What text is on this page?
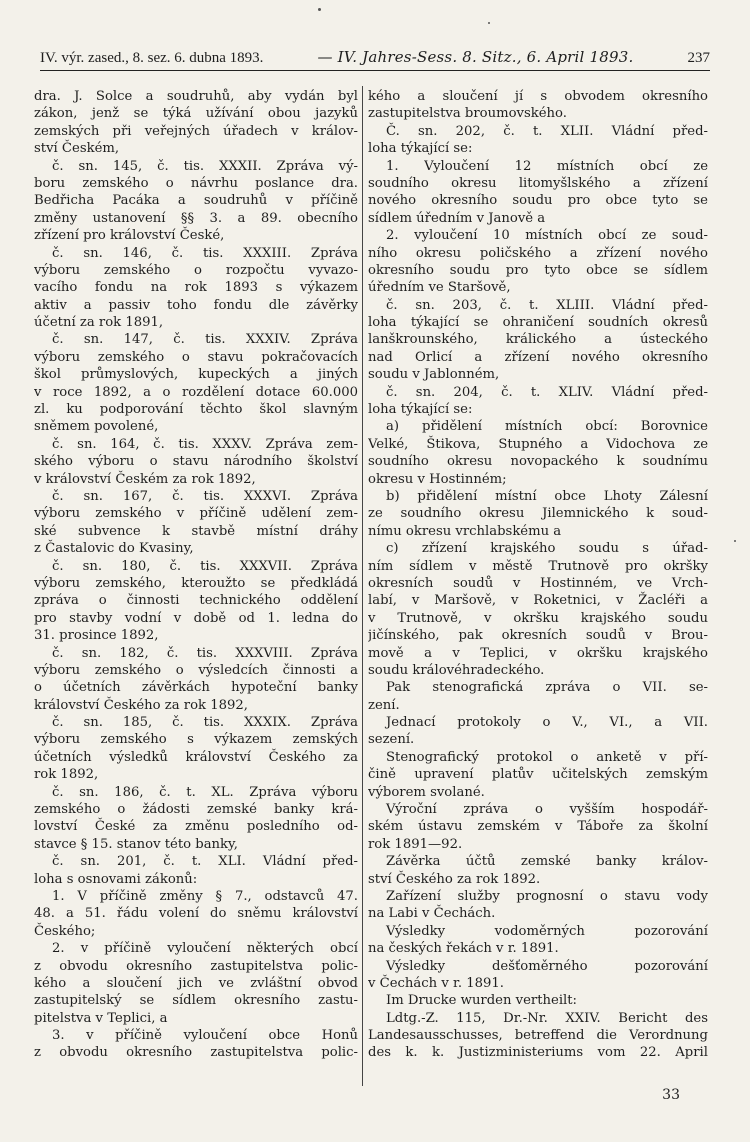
IV. výr. zased., 8. sez. 6. dubna 1893.	— IV. Jahres-Sess. 8. Sitz., 6. April 1893.	237
dra. J. Solce a soudruhů, aby vydán byl
zákon, jenž se týká užívání obou jazyků
zemských při veřejných úřadech v králov-
ství Českém,
č. sn. 145, č. tis. XXXII. Zpráva vý-
boru zemského o návrhu poslance dra.
Bedřicha Pacáka a soudruhů v příčině
změny ustanovení §§ 3. a 89. obecního
zřízení pro království České,
č. sn. 146, č. tis. XXXIII. Zpráva
výboru zemského o rozpočtu vyvazo-
vacího fondu na rok 1893 s výkazem
aktiv a passiv toho fondu dle závěrky
účetní za rok 1891,
č. sn. 147, č. tis. XXXIV. Zpráva
výboru zemského o stavu pokračovacích
škol průmyslových, kupeckých a jiných
v roce 1892, a o rozdělení dotace 60.000
zl. ku podporování těchto škol slavným
sněmem povolené,
č. sn. 164, č. tis. XXXV. Zpráva zem-
ského výboru o stavu národního školství
v království Českém za rok 1892,
č. sn. 167, č. tis. XXXVI. Zpráva
výboru zemského v příčině udělení zem-
ské subvence k stavbě místní dráhy
z Častalovic do Kvasiny,
č. sn. 180, č. tis. XXXVII. Zpráva
výboru zemského, kteroužto se předkládá
zpráva o činnosti technického oddělení
pro stavby vodní v době od 1. ledna do
31. prosince 1892,
č. sn. 182, č. tis. XXXVIII. Zpráva
výboru zemského o výsledcích činnosti a
o účetních závěrkách hypoteční banky
království Českého za rok 1892,
č. sn. 185, č. tis. XXXIX. Zpráva
výboru zemského s výkazem zemských
účetních výsledků království Českého za
rok 1892,
č. sn. 186, č. t. XL. Zpráva výboru
zemského o žádosti zemské banky krá-
lovství České za změnu posledního od-
stavce § 15. stanov této banky,
č. sn. 201, č. t. XLI. Vládní před-
loha s osnovami zákonů:
1. V příčině změny § 7., odstavců 47.
48. a 51. řádu volení do sněmu království
Českého;
2. v příčině vyloučení některých obcí
z obvodu okresního zastupitelstva polic-
kého a sloučení jich ve zvláštní obvod
zastupitelský se sídlem okresního zastu-
pitelstva v Teplici, a
3. v příčině vyloučení obce Honů
z obvodu okresního zastupitelstva polic-
kého a sloučení jí s obvodem okresního
zastupitelstva broumovského.
Č. sn. 202, č. t. XLII. Vládní před-
loha týkající se:
1. Vyloučení 12 místních obcí ze
soudního okresu litomyšlského a zřízení
nového okresního soudu pro obce tyto se
sídlem úředním v Janově a
2. vyloučení 10 místních obcí ze soud-
ního okresu poličského a zřízení nového
okresního soudu pro tyto obce se sídlem
úředním ve Staršově,
č. sn. 203, č. t. XLIII. Vládní před-
loha týkající se ohraničení soudních okresů
lanškrounského, králického a ústeckého
nad Orlicí a zřízení nového okresního
soudu v Jablonném,
č. sn. 204, č. t. XLIV. Vládní před-
loha týkající se:
a) přidělení místních obcí: Borovnice
Velké, Štikova, Stupného a Vidochova ze
soudního okresu novopackého k soudnímu
okresu v Hostinném;
b) přidělení místní obce Lhoty Zálesní
ze soudního okresu Jilemnického k soud-
nímu okresu vrchlabskému a
c) zřízení krajského soudu s úřad-
ním sídlem v městě Trutnově pro okršky
okresních soudů v Hostinném, ve Vrch-
labí, v Maršově, v Roketnici, v Žacléři a
v Trutnově, v okršku krajského soudu
jičínského, pak okresních soudů v Brou-
mově a v Teplici, v okršku krajského
soudu královéhradeckého.
Pak stenografická zpráva o VII. se-
zení.
Jednací protokoly o V., VI., a VII.
sezení.
Stenografický protokol o anketě v pří-
čině upravení platův učitelských zemským
výborem svolané.
Výroční zpráva o vyšším hospodář-
ském ústavu zemském v Táboře za školní
rok 1891—92.
Závěrka účtů zemské banky králov-
ství Českého za rok 1892.
Zařízení služby prognosní o stavu vody
na Labi v Čechách.
Výsledky vodoměrných pozorování
na českých řekách v r. 1891.
Výsledky dešťoměrného pozorování
v Čechách v r. 1891.
Im Drucke wurden vertheilt:
Ldtg.-Z. 115, Dr.-Nr. XXIV. Bericht des
Landesausschusses, betreffend die Verordnung
des k. k. Justizministeriums vom 22. April
33
